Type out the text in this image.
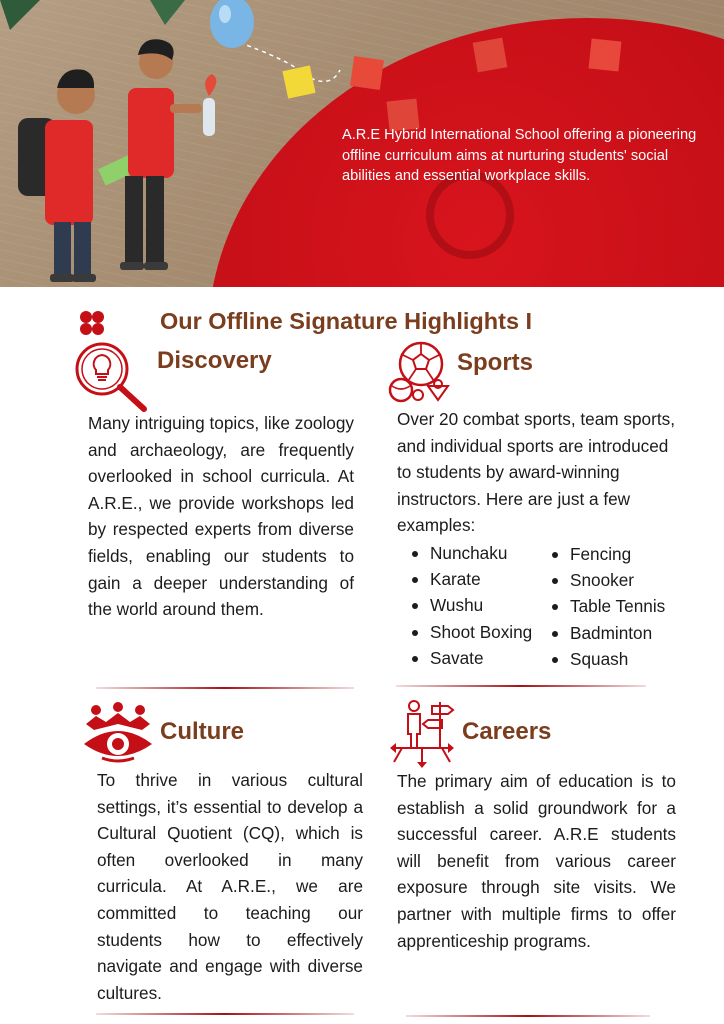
A.R.E Hybrid International School offering a pioneering offline curriculum aims at nurturing students' social abilities and essential workplace skills.
Our Offline Signature Highlights I
Discovery
Many intriguing topics, like zoology and archaeology, are frequently overlooked in school curricula. At A.R.E., we provide workshops led by respected experts from diverse fields, enabling our students to gain a deeper understanding of the world around them.
Sports
Over 20 combat sports, team sports, and individual sports are introduced to students by award-winning instructors. Here are just a few examples:
Nunchaku
Karate
Wushu
Shoot Boxing
Savate
Fencing
Snooker
Table Tennis
Badminton
Squash
Culture
To thrive in various cultural settings, it’s essential to develop a Cultural Quotient (CQ), which is often overlooked in many curricula. At A.R.E., we are committed to teaching our students how to effectively navigate and engage with diverse cultures.
Careers
The primary aim of education is to establish a solid groundwork for a successful career. A.R.E students will benefit from various career exposure through site visits. We partner with multiple firms to offer apprenticeship programs.
